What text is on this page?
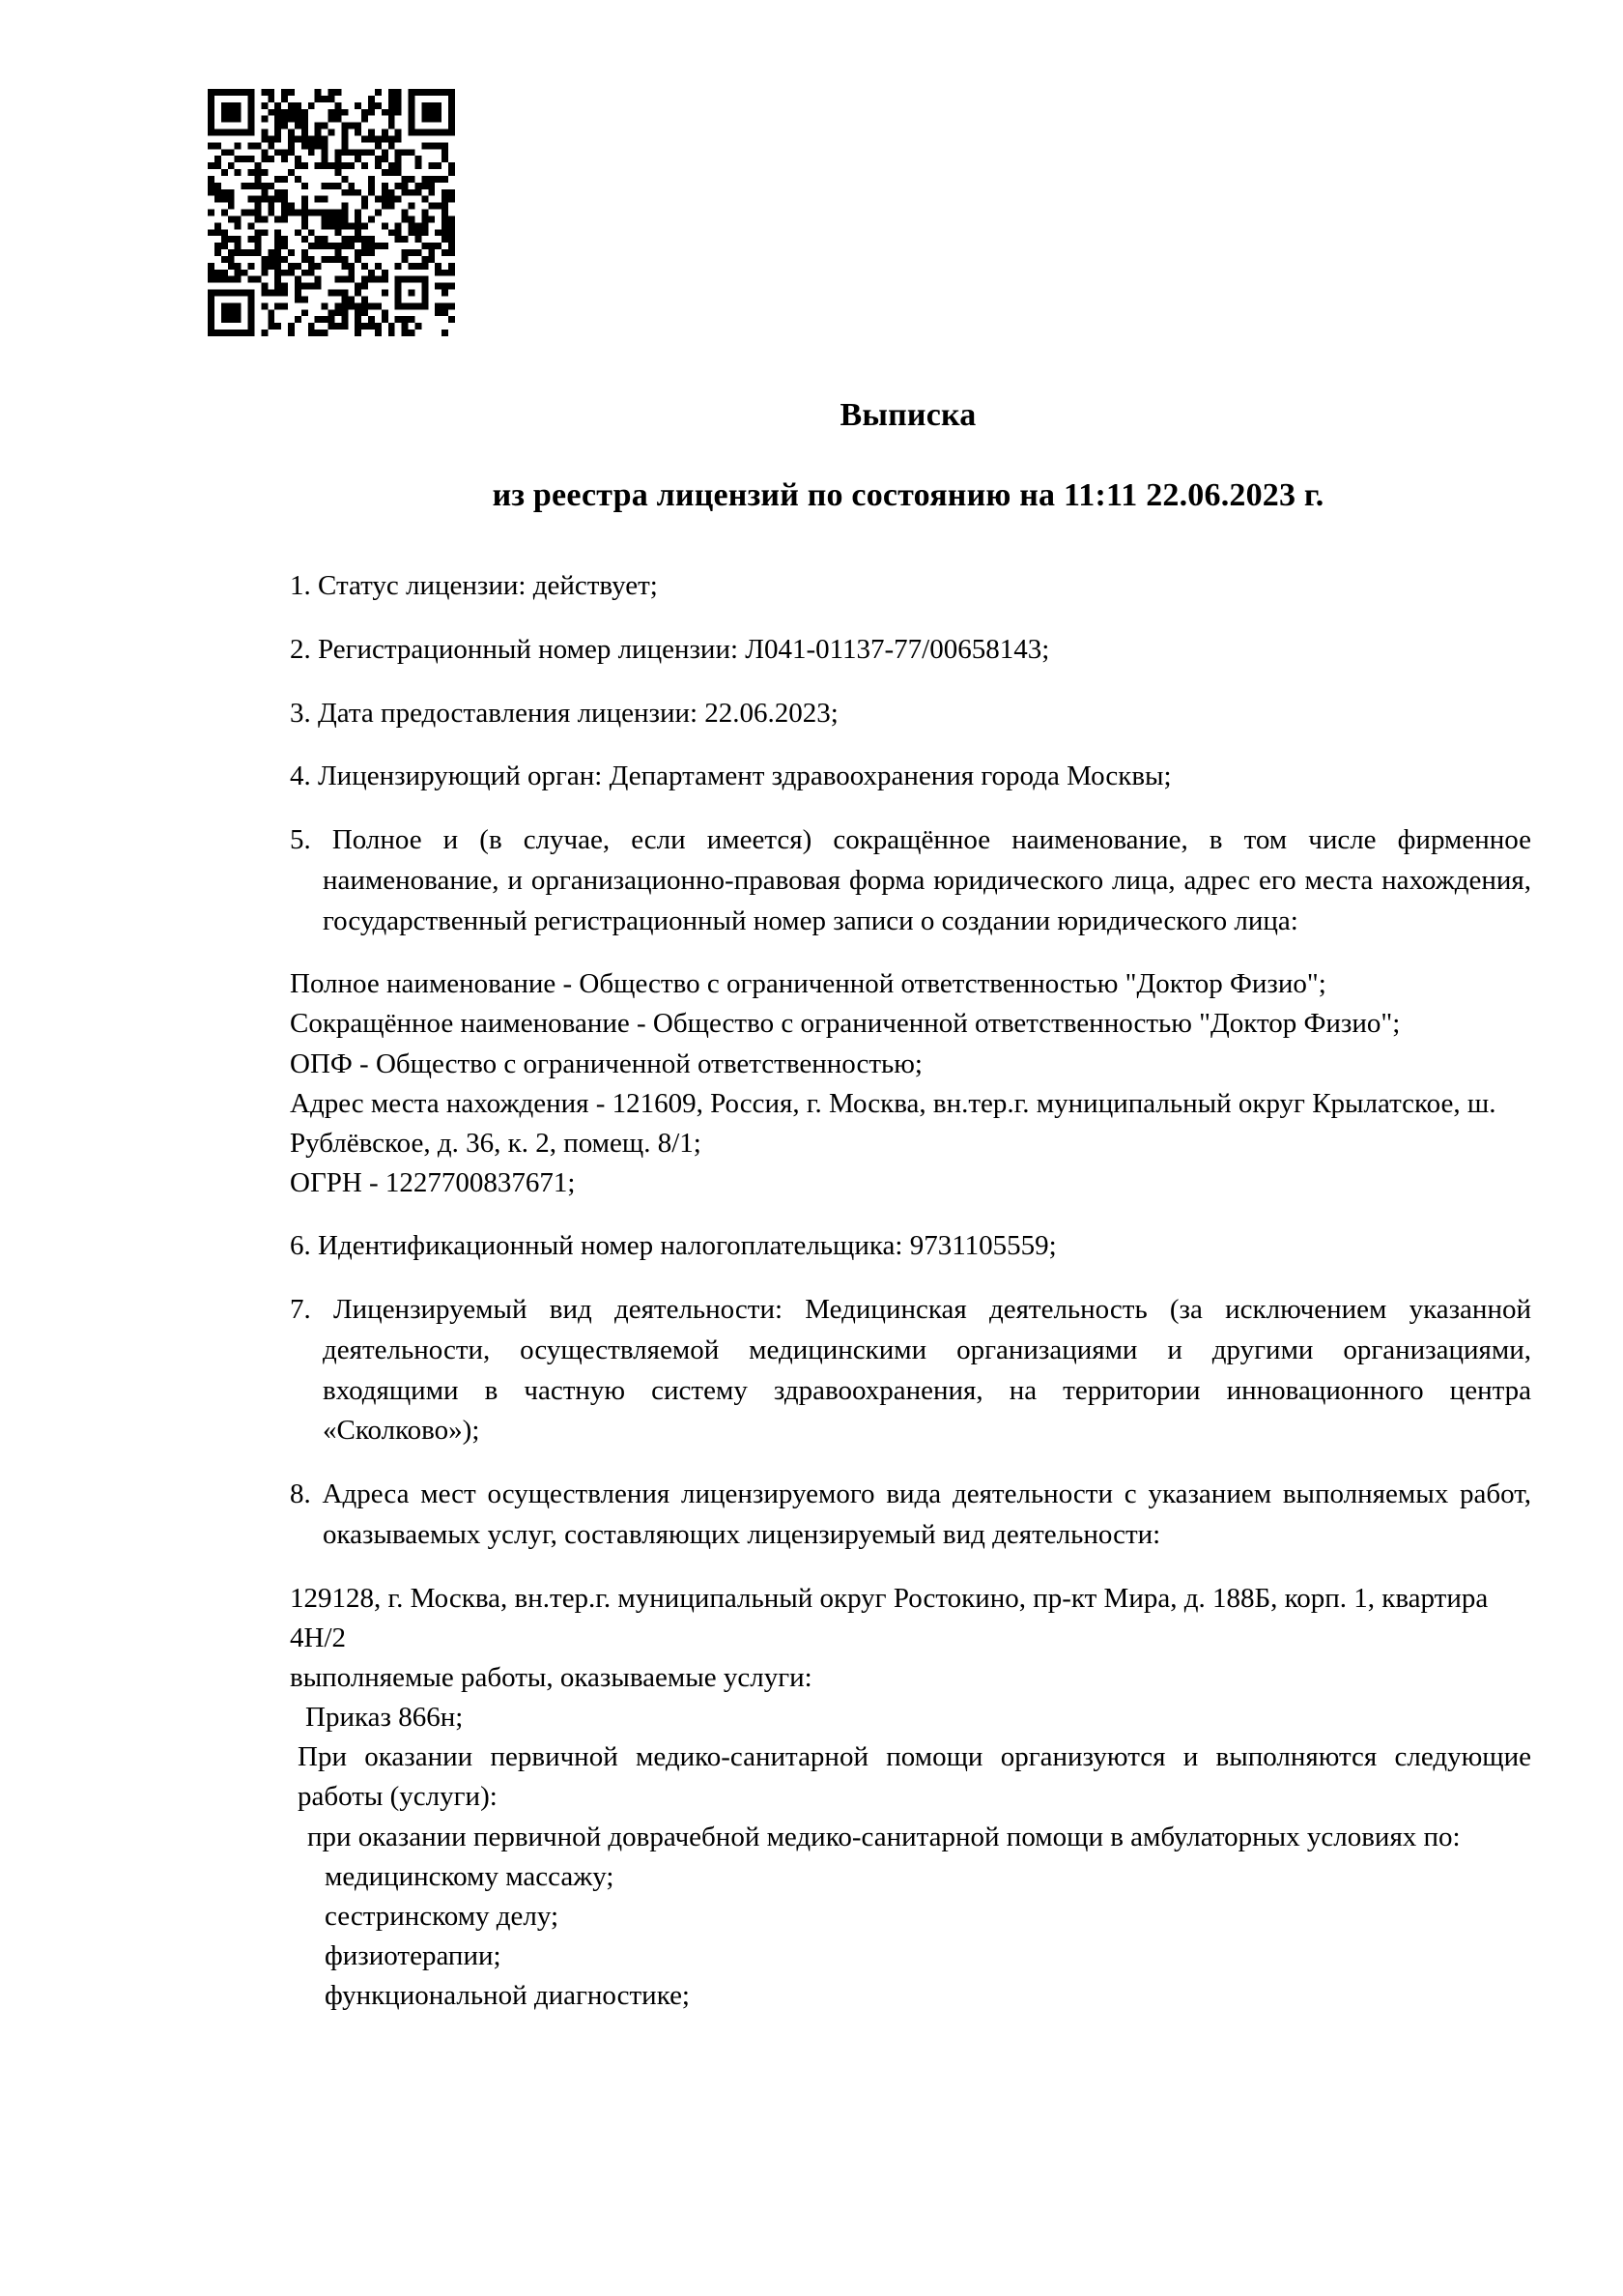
Выписка
из реестра лицензий по состоянию на 11:11 22.06.2023 г.
1. Статус лицензии: действует;
2. Регистрационный номер лицензии: Л041-01137-77/00658143;
3. Дата предоставления лицензии: 22.06.2023;
4. Лицензирующий орган: Департамент здравоохранения города Москвы;
5. Полное и (в случае, если имеется) сокращённое наименование, в том числе фирменное наименование, и организационно-правовая форма юридического лица, адрес его места нахождения, государственный регистрационный номер записи о создании юридического лица:
Полное наименование - Общество с ограниченной ответственностью "Доктор Физио";
Сокращённое наименование - Общество с ограниченной ответственностью "Доктор Физио";
ОПФ - Общество с ограниченной ответственностью;
Адрес места нахождения - 121609, Россия, г. Москва, вн.тер.г. муниципальный округ Крылатское, ш. Рублёвское, д. 36, к. 2, помещ. 8/1;
ОГРН - 1227700837671;
6. Идентификационный номер налогоплательщика: 9731105559;
7. Лицензируемый вид деятельности: Медицинская деятельность (за исключением указанной деятельности, осуществляемой медицинскими организациями и другими организациями, входящими в частную систему здравоохранения, на территории инновационного центра «Сколково»);
8. Адреса мест осуществления лицензируемого вида деятельности с указанием выполняемых работ, оказываемых услуг, составляющих лицензируемый вид деятельности:
129128, г. Москва, вн.тер.г. муниципальный округ Ростокино, пр-кт Мира, д. 188Б, корп. 1, квартира 4Н/2
выполняемые работы, оказываемые услуги:
Приказ 866н;
При оказании первичной медико-санитарной помощи организуются и выполняются следующие работы (услуги):
при оказании первичной доврачебной медико-санитарной помощи в амбулаторных условиях по:
медицинскому массажу;
сестринскому делу;
физиотерапии;
функциональной диагностике;
